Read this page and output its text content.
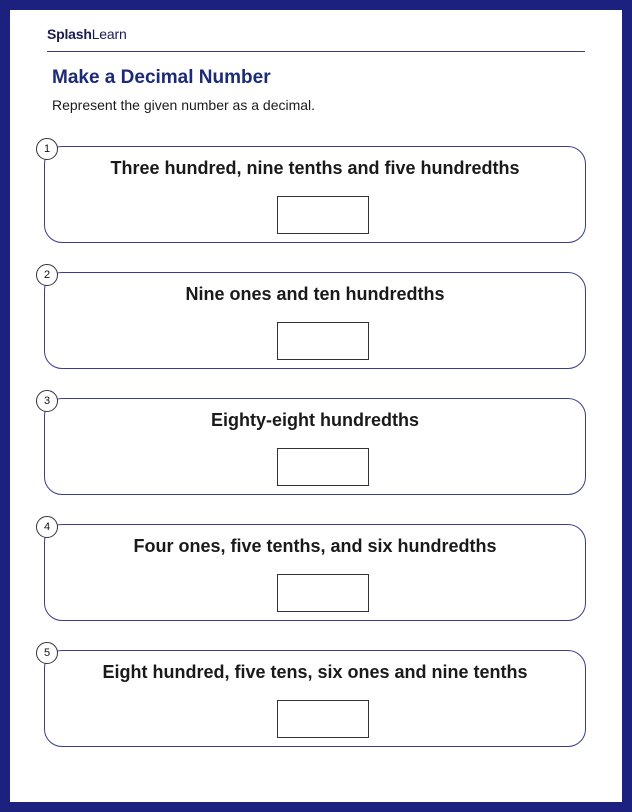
SplashLearn
Make a Decimal Number
Represent the given number as a decimal.
1
Three hundred, nine tenths and five hundredths
2
Nine ones and ten hundredths
3
Eighty-eight hundredths
4
Four ones, five tenths, and six hundredths
5
Eight hundred, five tens, six ones and nine tenths
